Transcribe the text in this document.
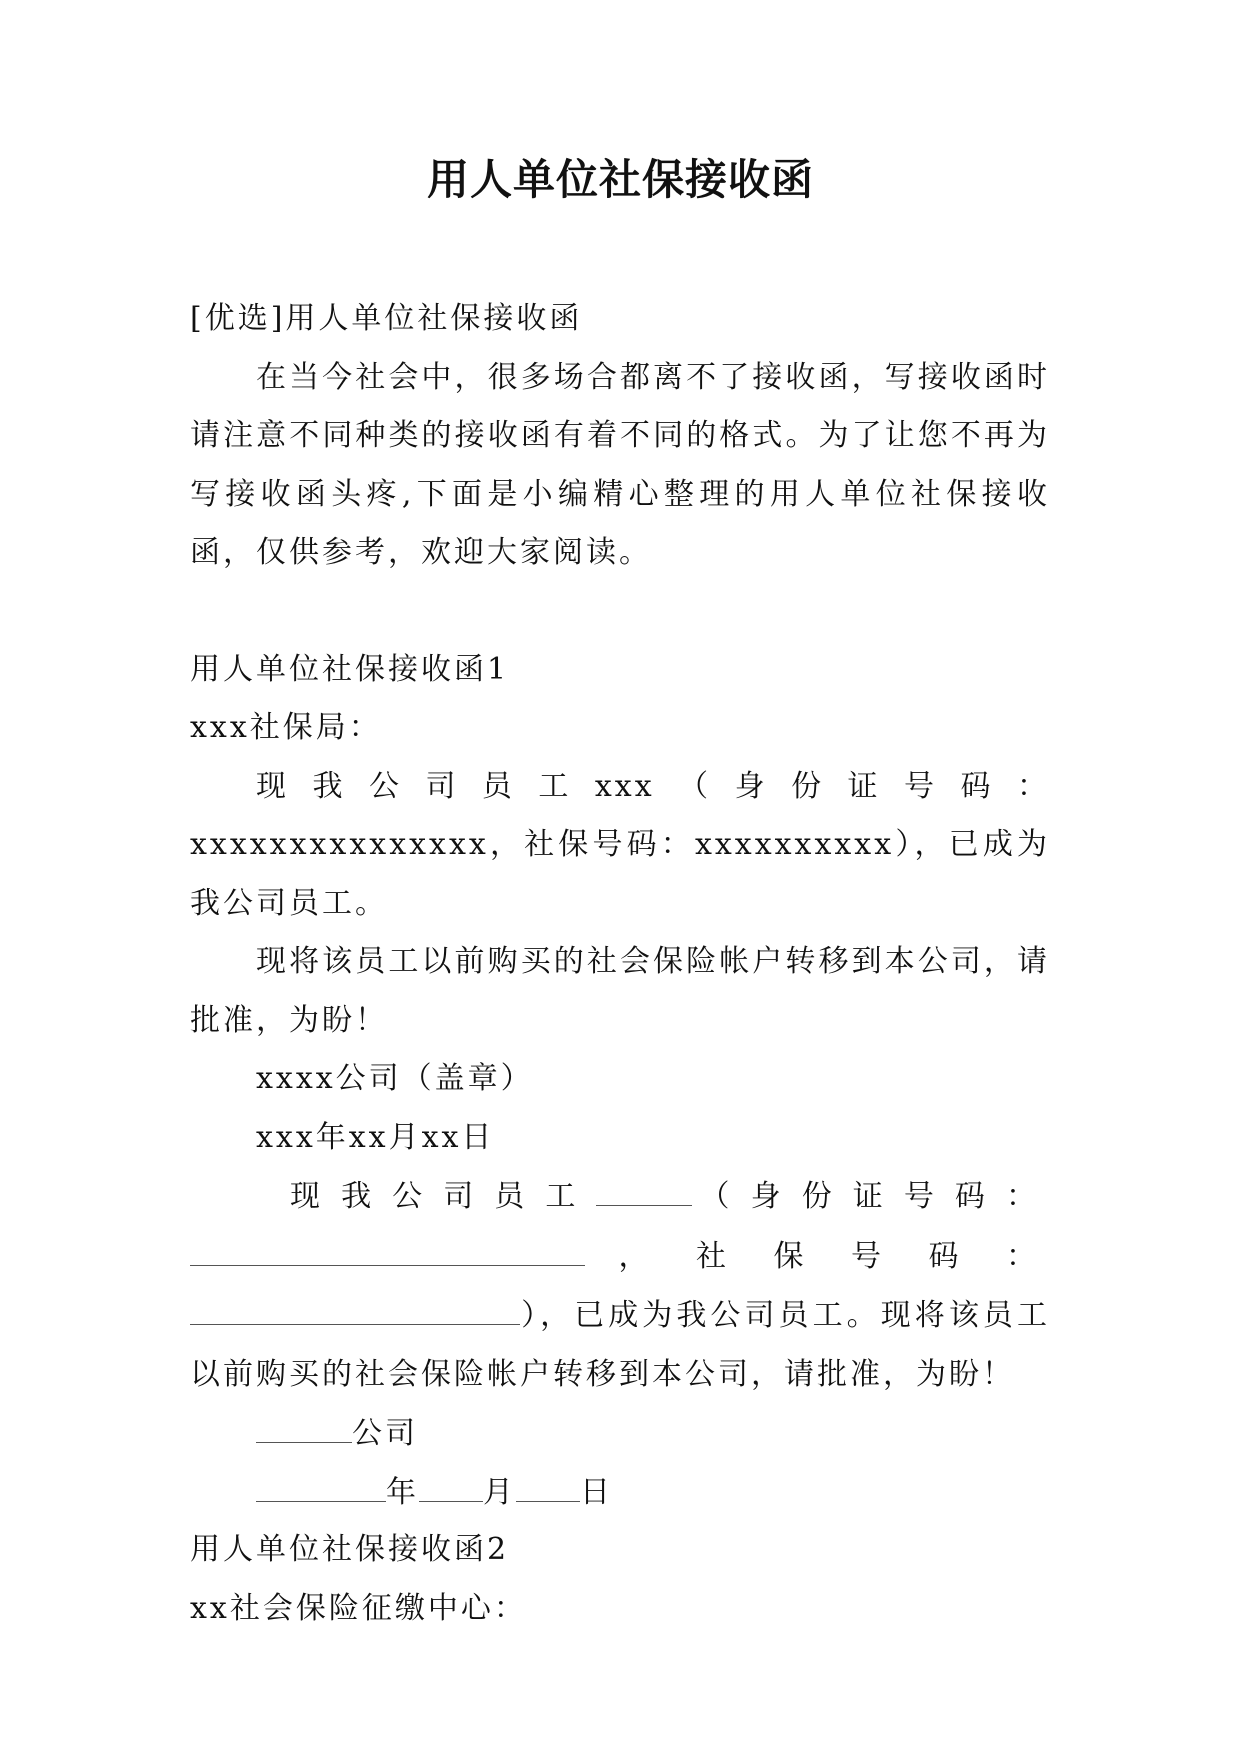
用人单位社保接收函
[优选]用人单位社保接收函
在当今社会中，很多场合都离不了接收函，写接收函时请注意不同种类的接收函有着不同的格式。为了让您不再为写接收函头疼,下面是小编精心整理的用人单位社保接收函，仅供参考，欢迎大家阅读。
用人单位社保接收函1
xxx社保局：
现我公司员工xxx（身份证号码：xxxxxxxxxxxxxxx，社保号码：xxxxxxxxxx），已成为我公司员工。
现将该员工以前购买的社会保险帐户转移到本公司，请批准，为盼！
xxxx公司（盖章）
xxx年xx月xx日
现我公司员工	（身份证号码：，社保号码：），已成为我公司员工。现将该员工以前购买的社会保险帐户转移到本公司，请批准，为盼！
公司
年 月 日
用人单位社保接收函2
xx社会保险征缴中心：
